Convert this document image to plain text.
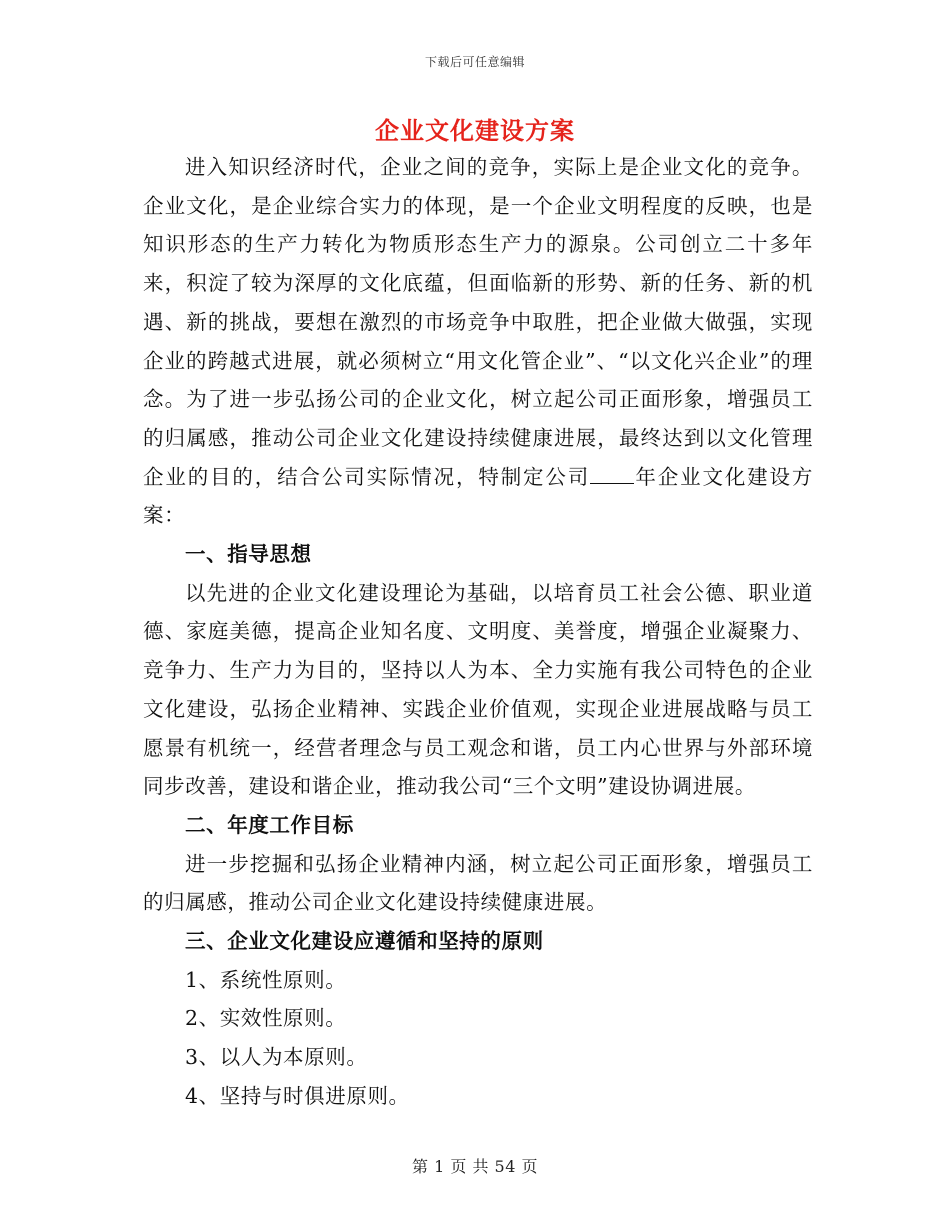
下载后可任意编辑
企业文化建设方案

进入知识经济时代，企业之间的竞争，实际上是企业文化的竞争。企业文化，是企业综合实力的体现，是一个企业文明程度的反映，也是知识形态的生产力转化为物质形态生产力的源泉。公司创立二十多年来，积淀了较为深厚的文化底蕴，但面临新的形势、新的任务、新的机遇、新的挑战，要想在激烈的市场竞争中取胜，把企业做大做强，实现企业的跨越式进展，就必须树立“用文化管企业”、“以文化兴企业”的理念。为了进一步弘扬公司的企业文化，树立起公司正面形象，增强员工的归属感，推动公司企业文化建设持续健康进展，最终达到以文化管理企业的目的，结合公司实际情况，特制定公司 年企业文化建设方案：

一、指导思想

以先进的企业文化建设理论为基础，以培育员工社会公德、职业道德、家庭美德，提高企业知名度、文明度、美誉度，增强企业凝聚力、竞争力、生产力为目的，坚持以人为本、全力实施有我公司特色的企业文化建设，弘扬企业精神、实践企业价值观，实现企业进展战略与员工愿景有机统一，经营者理念与员工观念和谐，员工内心世界与外部环境同步改善，建设和谐企业，推动我公司“三个文明”建设协调进展。

二、年度工作目标

进一步挖掘和弘扬企业精神内涵，树立起公司正面形象，增强员工的归属感，推动公司企业文化建设持续健康进展。

三、企业文化建设应遵循和坚持的原则

1、系统性原则。

2、实效性原则。

3、以人为本原则。

4、坚持与时俱进原则。

第 1 页 共 54 页
